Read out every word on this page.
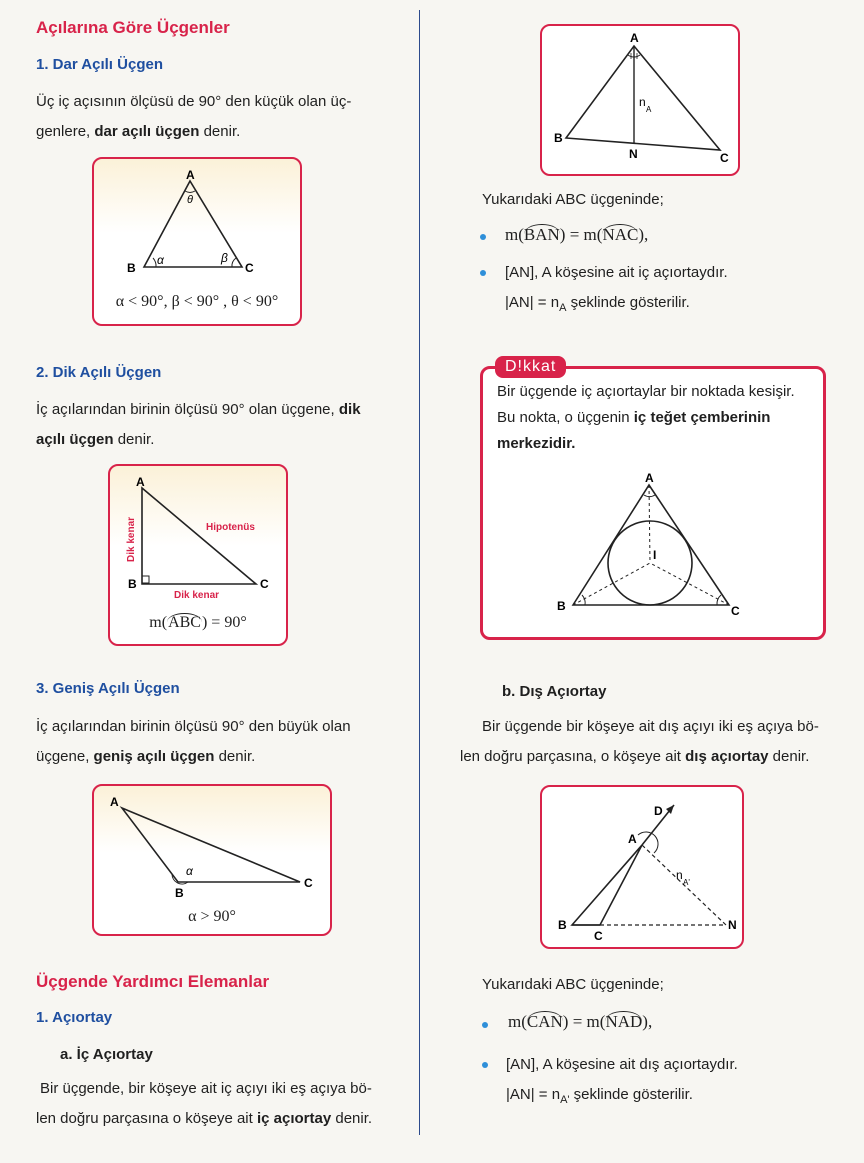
Açılarına Göre Üçgenler
1. Dar Açılı Üçgen
Üç iç açısının ölçüsü de 90° den küçük olan üç-
genlere, dar açılı üçgen denir.
A
B	C
α	β
θ
α < 90°, β < 90° , θ < 90°
2. Dik Açılı Üçgen
İç açılarından birinin ölçüsü 90° olan üçgene, dik
açılı üçgen denir.
A
B	C
Hipotenüs
Dik kenar
Dik kenar
m(ABC) = 90°
3. Geniş Açılı Üçgen
İç açılarından birinin ölçüsü 90° den büyük olan
üçgene, geniş açılı üçgen denir.
A
B
C
α
α > 90°
Üçgende Yardımcı Elemanlar
1. Açıortay
a. İç Açıortay
Bir üçgende, bir köşeye ait iç açıyı iki eş açıya bö-
len doğru parçasına o köşeye ait iç açıortay denir.
A
B
C
N
n
A
Yukarıdaki ABC üçgeninde;
m(BAN) = m(NAC),
[AN], A köşesine ait iç açıortaydır.
$|AN| = n_A$ şeklinde gösterilir.
Bir üçgende iç açıortaylar bir noktada kesişir.
Bu nokta, o üçgenin iç teğet çemberinin
merkezidir.
A
B	C
I
D!kkat
b. Dış Açıortay
Bir üçgende bir köşeye ait dış açıyı iki eş açıya bö-
len doğru parçasına, o köşeye ait dış açıortay denir.
D
A
B
C
N
n
A'
Yukarıdaki ABC üçgeninde;
m(CAN) = m(NAD),
[AN], A köşesine ait dış açıortaydır.
$|AN| = n_{A'}$ şeklinde gösterilir.
